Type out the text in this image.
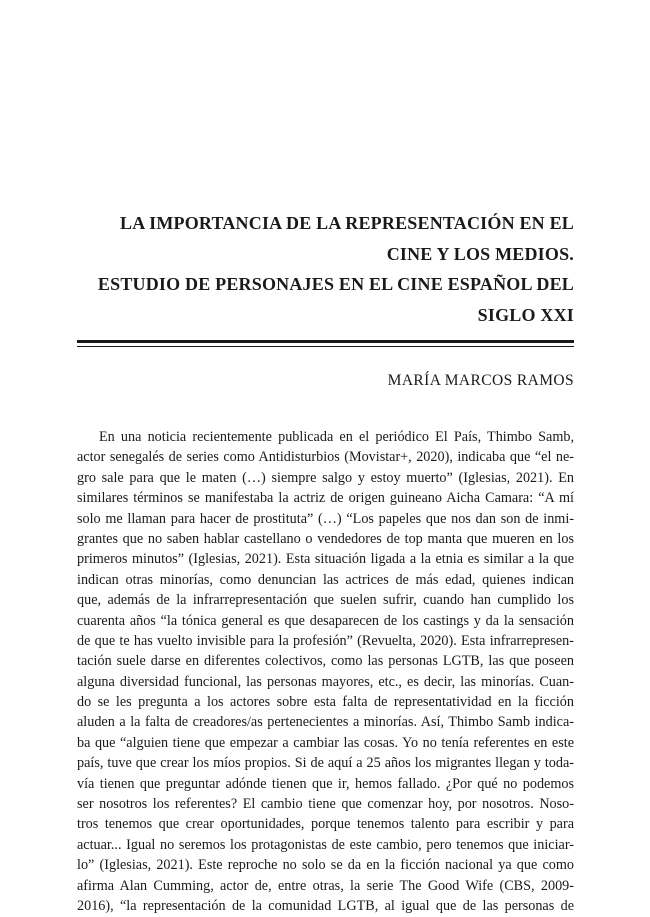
LA IMPORTANCIA DE LA REPRESENTACIÓN EN EL
CINE Y LOS MEDIOS.
ESTUDIO DE PERSONAJES EN EL CINE ESPAÑOL DEL
SIGLO XXI
MARÍA MARCOS RAMOS
En una noticia recientemente publicada en el periódico El País, Thimbo Samb,
actor senegalés de series como Antidisturbios (Movistar+, 2020), indicaba que “el ne-
gro sale para que le maten (…) siempre salgo y estoy muerto” (Iglesias, 2021). En
similares términos se manifestaba la actriz de origen guineano Aicha Camara: “A mí
solo me llaman para hacer de prostituta” (…) “Los papeles que nos dan son de inmi-
grantes que no saben hablar castellano o vendedores de top manta que mueren en los
primeros minutos” (Iglesias, 2021). Esta situación ligada a la etnia es similar a la que
indican otras minorías, como denuncian las actrices de más edad, quienes indican
que, además de la infrarrepresentación que suelen sufrir, cuando han cumplido los
cuarenta años “la tónica general es que desaparecen de los castings y da la sensación
de que te has vuelto invisible para la profesión” (Revuelta, 2020). Esta infrarrepresen-
tación suele darse en diferentes colectivos, como las personas LGTB, las que poseen
alguna diversidad funcional, las personas mayores, etc., es decir, las minorías. Cuan-
do se les pregunta a los actores sobre esta falta de representatividad en la ficción
aluden a la falta de creadores/as pertenecientes a minorías. Así, Thimbo Samb indica-
ba que “alguien tiene que empezar a cambiar las cosas. Yo no tenía referentes en este
país, tuve que crear los míos propios. Si de aquí a 25 años los migrantes llegan y toda-
vía tienen que preguntar adónde tienen que ir, hemos fallado. ¿Por qué no podemos
ser nosotros los referentes? El cambio tiene que comenzar hoy, por nosotros. Noso-
tros tenemos que crear oportunidades, porque tenemos talento para escribir y para
actuar... Igual no seremos los protagonistas de este cambio, pero tenemos que iniciar-
lo” (Iglesias, 2021). Este reproche no solo se da en la ficción nacional ya que como
afirma Alan Cumming, actor de, entre otras, la serie The Good Wife (CBS, 2009-
2016), “la representación de la comunidad LGTB, al igual que de las personas de
